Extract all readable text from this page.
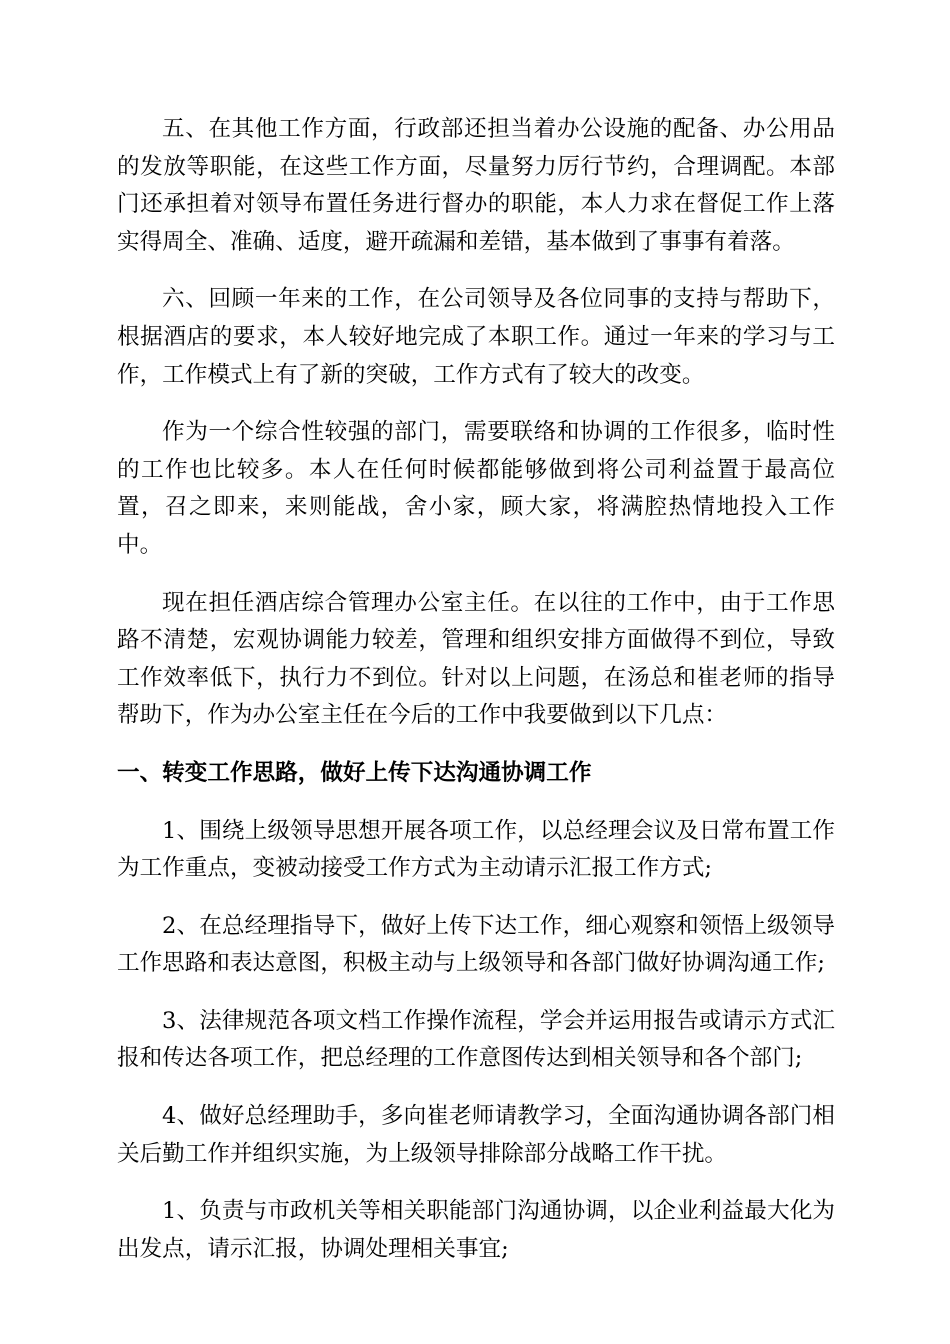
五、在其他工作方面，行政部还担当着办公设施的配备、办公用品的发放等职能，在这些工作方面，尽量努力厉行节约，合理调配。本部门还承担着对领导布置任务进行督办的职能，本人力求在督促工作上落实得周全、准确、适度，避开疏漏和差错，基本做到了事事有着落。

六、回顾一年来的工作，在公司领导及各位同事的支持与帮助下，根据酒店的要求，本人较好地完成了本职工作。通过一年来的学习与工作，工作模式上有了新的突破，工作方式有了较大的改变。

作为一个综合性较强的部门，需要联络和协调的工作很多，临时性的工作也比较多。本人在任何时候都能够做到将公司利益置于最高位置，召之即来，来则能战，舍小家，顾大家，将满腔热情地投入工作中。

现在担任酒店综合管理办公室主任。在以往的工作中，由于工作思路不清楚，宏观协调能力较差，管理和组织安排方面做得不到位，导致工作效率低下，执行力不到位。针对以上问题，在汤总和崔老师的指导帮助下，作为办公室主任在今后的工作中我要做到以下几点：

一、转变工作思路，做好上传下达沟通协调工作

1、围绕上级领导思想开展各项工作，以总经理会议及日常布置工作为工作重点，变被动接受工作方式为主动请示汇报工作方式;

2、在总经理指导下，做好上传下达工作，细心观察和领悟上级领导工作思路和表达意图，积极主动与上级领导和各部门做好协调沟通工作;

3、法律规范各项文档工作操作流程，学会并运用报告或请示方式汇报和传达各项工作，把总经理的工作意图传达到相关领导和各个部门;

4、做好总经理助手，多向崔老师请教学习，全面沟通协调各部门相关后勤工作并组织实施，为上级领导排除部分战略工作干扰。

1、负责与市政机关等相关职能部门沟通协调，以企业利益最大化为出发点，请示汇报，协调处理相关事宜;
